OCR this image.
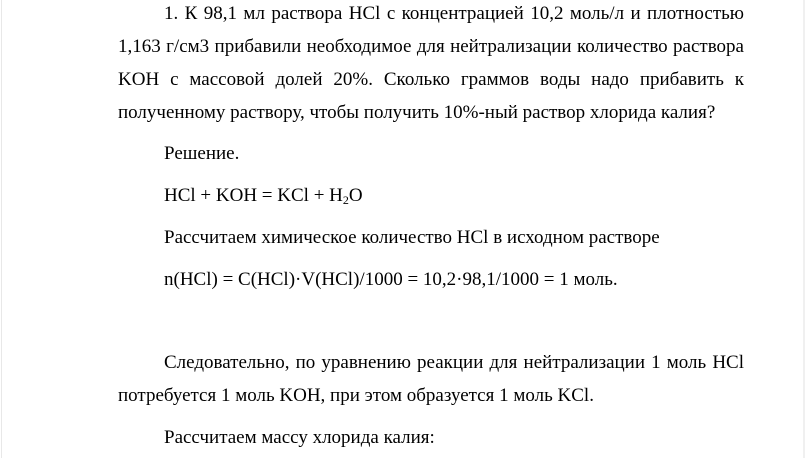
1. К 98,1 мл раствора HCl с концентрацией 10,2 моль/л и плотностью

1,163 г/см3 прибавили необходимое для нейтрализации количество раствора

KOH с массовой долей 20%. Сколько граммов воды надо прибавить к

полученному раствору, чтобы получить 10%-ный раствор хлорида калия?

Решение.

HCl + KOH = KCl + $H_2O$

Рассчитаем химическое количество HCl в исходном растворе

n(HCl) = C(HCl)·V(HCl)/1000 = 10,2·98,1/1000 = 1 моль.

Следовательно, по уравнению реакции для нейтрализации 1 моль HCl

потребуется 1 моль KOH, при этом образуется 1 моль KCl.

Рассчитаем массу хлорида калия:
